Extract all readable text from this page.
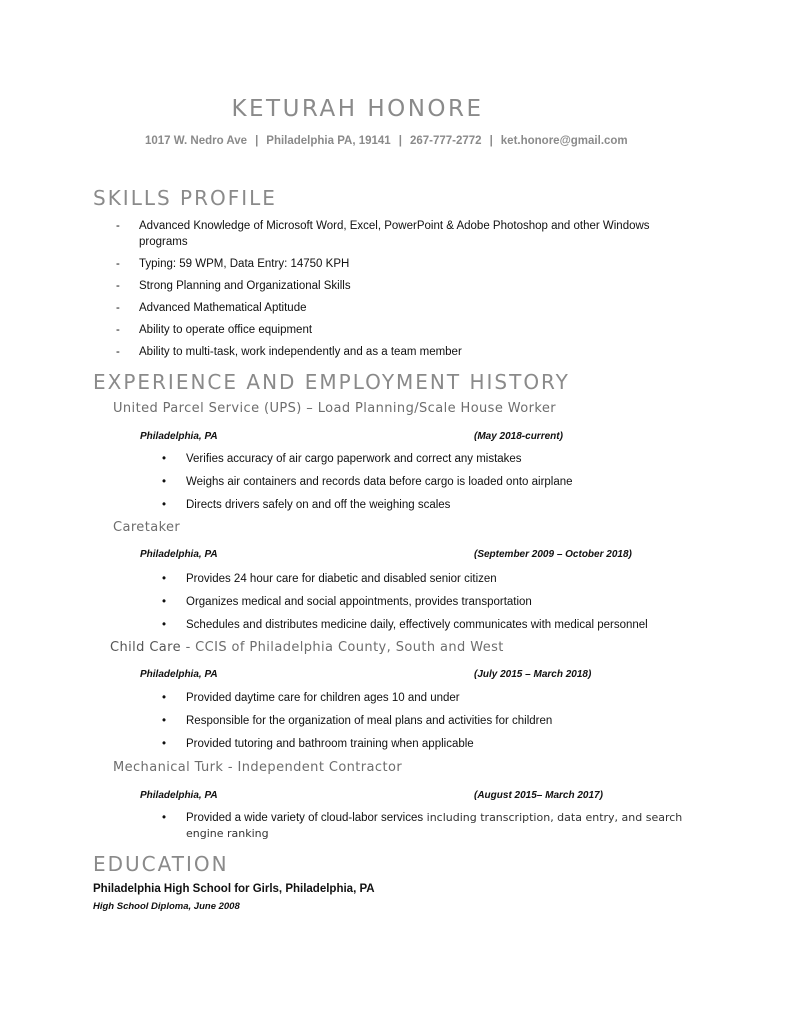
KETURAH HONORE
1017 W. Nedro Ave | Philadelphia PA, 19141 | 267-777-2772 | ket.honore@gmail.com
SKILLS PROFILE
- Advanced Knowledge of Microsoft Word, Excel, PowerPoint & Adobe Photoshop and other Windows programs
- Typing: 59 WPM, Data Entry: 14750 KPH
- Strong Planning and Organizational Skills
- Advanced Mathematical Aptitude
- Ability to operate office equipment
- Ability to multi-task, work independently and as a team member
EXPERIENCE AND EMPLOYMENT HISTORY
United Parcel Service (UPS) – Load Planning/Scale House Worker
Philadelphia, PA	(May 2018-current)
• Verifies accuracy of air cargo paperwork and correct any mistakes
• Weighs air containers and records data before cargo is loaded onto airplane
• Directs drivers safely on and off the weighing scales
Caretaker
Philadelphia, PA	(September 2009 – October 2018)
• Provides 24 hour care for diabetic and disabled senior citizen
• Organizes medical and social appointments, provides transportation
• Schedules and distributes medicine daily, effectively communicates with medical personnel
Child Care - CCIS of Philadelphia County, South and West
Philadelphia, PA	(July 2015 – March 2018)
• Provided daytime care for children ages 10 and under
• Responsible for the organization of meal plans and activities for children
• Provided tutoring and bathroom training when applicable
Mechanical Turk - Independent Contractor
Philadelphia, PA	(August 2015– March 2017)
• Provided a wide variety of cloud-labor services including transcription, data entry, and search engine ranking
EDUCATION
Philadelphia High School for Girls, Philadelphia, PA
High School Diploma, June 2008
